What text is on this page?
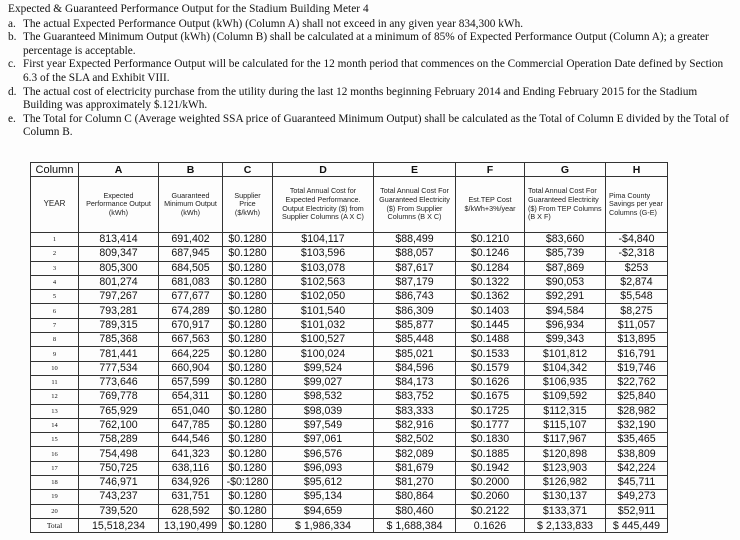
Expected & Guaranteed Performance Output for the Stadium Building Meter 4
a. The actual Expected Performance Output (kWh) (Column A) shall not exceed in any given year 834,300 kWh.
b. The Guaranteed Minimum Output (kWh) (Column B) shall be calculated at a minimum of 85% of Expected Performance Output (Column A); a greater percentage is acceptable.
c. First year Expected Performance Output will be calculated for the 12 month period that commences on the Commercial Operation Date defined by Section 6.3 of the SLA and Exhibit VIII.
d. The actual cost of electricity purchase from the utility during the last 12 months beginning February 2014 and Ending February 2015 for the Stadium Building was approximately $.121/kWh.
e. The Total for Column C (Average weighted SSA price of Guaranteed Minimum Output) shall be calculated as the Total of Column E divided by the Total of Column B.
Column	A	B	C	D	E	F	G	H
YEAR	Expected Performance Output (kWh)	Guaranteed Minimum Output (kWh)	Supplier Price ($/kWh)	Total Annual Cost for Expected Performance. Output Electricity ($) from Supplier Columns (A X C)	Total Annual Cost For Guaranteed Electricity ($) From Supplier Columns (B X C)	Est.TEP Cost $/kWh+3%/year	Total Annual Cost For Guaranteed Electricity ($) From TEP Columns (B X F)	Pima County Savings per year Columns (G-E)
1	813,414	691,402	$0.1280	$104,117	$88,499	$0.1210	$83,660	-$4,840
2	809,347	687,945	$0.1280	$103,596	$88,057	$0.1246	$85,739	-$2,318
3	805,300	684,505	$0.1280	$103,078	$87,617	$0.1284	$87,869	$253
4	801,274	681,083	$0.1280	$102,563	$87,179	$0.1322	$90,053	$2,874
5	797,267	677,677	$0.1280	$102,050	$86,743	$0.1362	$92,291	$5,548
6	793,281	674,289	$0.1280	$101,540	$86,309	$0.1403	$94,584	$8,275
7	789,315	670,917	$0.1280	$101,032	$85,877	$0.1445	$96,934	$11,057
8	785,368	667,563	$0.1280	$100,527	$85,448	$0.1488	$99,343	$13,895
9	781,441	664,225	$0.1280	$100,024	$85,021	$0.1533	$101,812	$16,791
10	777,534	660,904	$0.1280	$99,524	$84,596	$0.1579	$104,342	$19,746
11	773,646	657,599	$0.1280	$99,027	$84,173	$0.1626	$106,935	$22,762
12	769,778	654,311	$0.1280	$98,532	$83,752	$0.1675	$109,592	$25,840
13	765,929	651,040	$0.1280	$98,039	$83,333	$0.1725	$112,315	$28,982
14	762,100	647,785	$0.1280	$97,549	$82,916	$0.1777	$115,107	$32,190
15	758,289	644,546	$0.1280	$97,061	$82,502	$0.1830	$117,967	$35,465
16	754,498	641,323	$0.1280	$96,576	$82,089	$0.1885	$120,898	$38,809
17	750,725	638,116	$0.1280	$96,093	$81,679	$0.1942	$123,903	$42,224
18	746,971	634,926	-$0:1280	$95,612	$81,270	$0.2000	$126,982	$45,711
19	743,237	631,751	$0.1280	$95,134	$80,864	$0.2060	$130,137	$49,273
20	739,520	628,592	$0.1280	$94,659	$80,460	$0.2122	$133,371	$52,911
Total	15,518,234	13,190,499	$0.1280	$ 1,986,334	$ 1,688,384	0.1626	$ 2,133,833	$ 445,449
